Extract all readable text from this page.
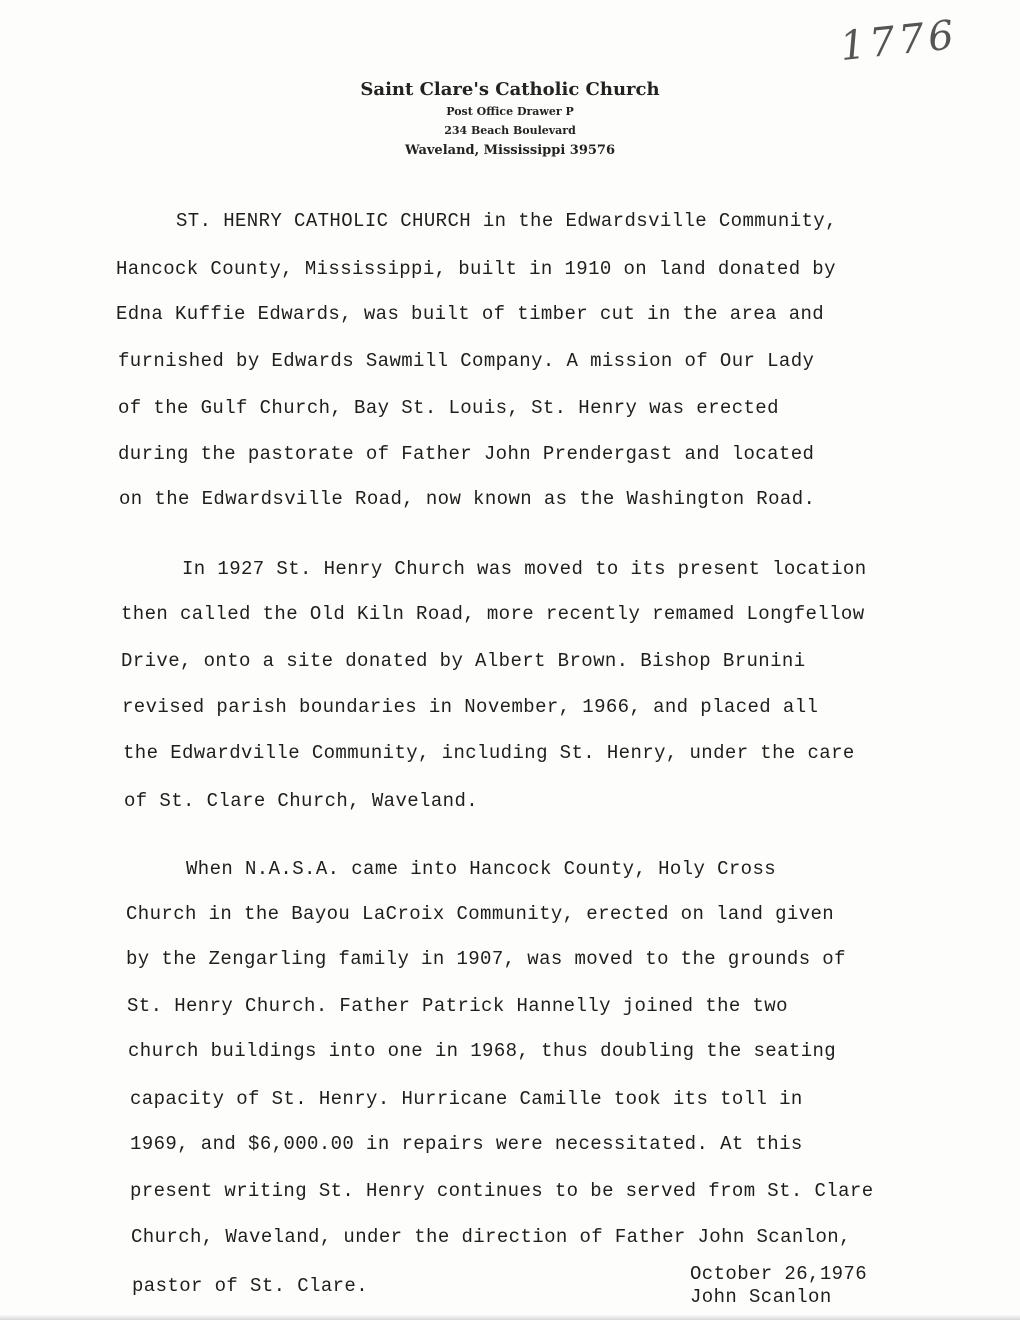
1776
Saint Clare's Catholic Church
Post Office Drawer P
234 Beach Boulevard
Waveland, Mississippi 39576
ST. HENRY CATHOLIC CHURCH in the Edwardsville Community,
Hancock County, Mississippi, built in 1910 on land donated by
Edna Kuffie Edwards, was built of timber cut in the area and
furnished by Edwards Sawmill Company. A mission of Our Lady
of the Gulf Church, Bay St. Louis, St. Henry was erected
during the pastorate of Father John Prendergast and located
on the Edwardsville Road, now known as the Washington Road.
In 1927 St. Henry Church was moved to its present location
then called the Old Kiln Road, more recently remamed Longfellow
Drive, onto a site donated by Albert Brown. Bishop Brunini
revised parish boundaries in November, 1966, and placed all
the Edwardville Community, including St. Henry, under the care
of St. Clare Church, Waveland.
When N.A.S.A. came into Hancock County, Holy Cross
Church in the Bayou LaCroix Community, erected on land given
by the Zengarling family in 1907, was moved to the grounds of
St. Henry Church. Father Patrick Hannelly joined the two
church buildings into one in 1968, thus doubling the seating
capacity of St. Henry. Hurricane Camille took its toll in
1969, and $6,000.00 in repairs were necessitated. At this
present writing St. Henry continues to be served from St. Clare
Church, Waveland, under the direction of Father John Scanlon,
pastor of St. Clare.
October 26,1976
John Scanlon
